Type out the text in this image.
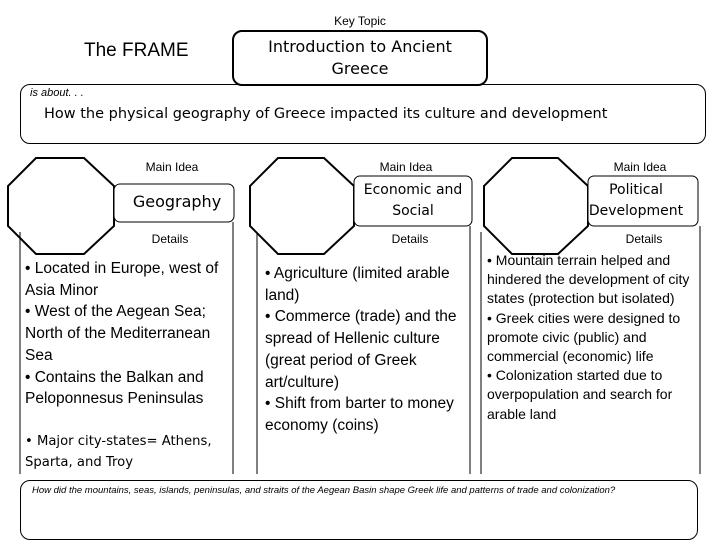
Key Topic
The FRAME	Introduction to Ancient
Greece
is about. . .
How the physical geography of Greece impacted its culture and development
Main Idea
Geography
Details
• Located in Europe, west of Asia Minor
• West of the Aegean Sea; North of the Mediterranean Sea
• Contains the Balkan and Peloponnesus Peninsulas
• Major city-states= Athens, Sparta, and Troy
Main Idea
Economic and
Social
Details
• Agriculture (limited arable land)
• Commerce (trade) and the spread of Hellenic culture (great period of Greek art/culture)
• Shift from barter to money economy (coins)
Main Idea
Political
Development
Details
• Mountain terrain helped and hindered the development of city states (protection but isolated)
• Greek cities were designed to promote civic (public) and commercial (economic) life
• Colonization started due to overpopulation and search for arable land
How did the mountains, seas, islands, peninsulas, and straits of the Aegean Basin shape Greek life and patterns of trade and colonization?
